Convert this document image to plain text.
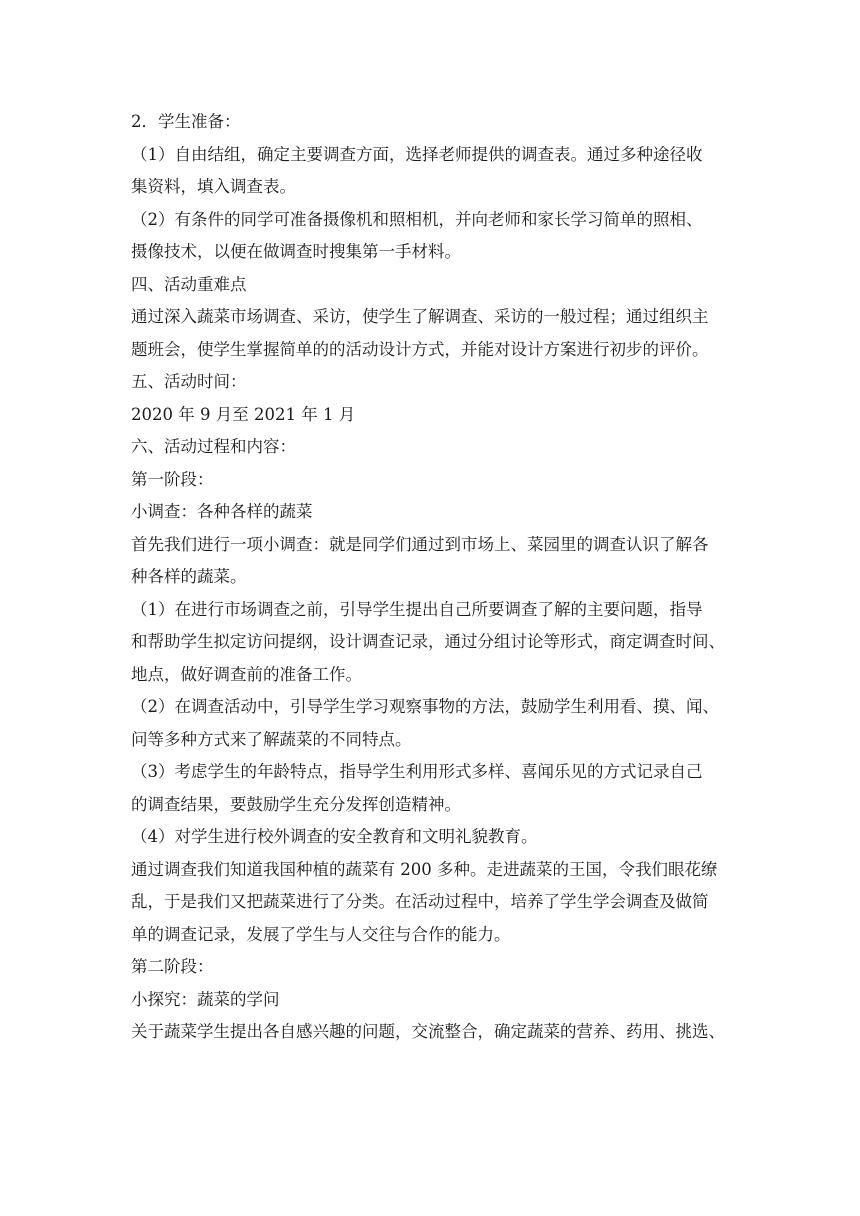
2．学生准备：

（1）自由结组，确定主要调查方面，选择老师提供的调查表。通过多种途径收

集资料，填入调查表。

（2）有条件的同学可准备摄像机和照相机，并向老师和家长学习简单的照相、

摄像技术，以便在做调查时搜集第一手材料。

四、活动重难点

通过深入蔬菜市场调查、采访，使学生了解调查、采访的一般过程；通过组织主

题班会，使学生掌握简单的的活动设计方式，并能对设计方案进行初步的评价。

五、活动时间：

2020 年 9 月至 2021 年 1 月

六、活动过程和内容：

第一阶段：

小调查：各种各样的蔬菜

首先我们进行一项小调查：就是同学们通过到市场上、菜园里的调查认识了解各

种各样的蔬菜。

（1）在进行市场调查之前，引导学生提出自己所要调查了解的主要问题，指导

和帮助学生拟定访问提纲，设计调查记录，通过分组讨论等形式，商定调查时间、

地点，做好调查前的准备工作。

（2）在调查活动中，引导学生学习观察事物的方法，鼓励学生利用看、摸、闻、

问等多种方式来了解蔬菜的不同特点。

（3）考虑学生的年龄特点，指导学生利用形式多样、喜闻乐见的方式记录自己

的调查结果，要鼓励学生充分发挥创造精神。

（4）对学生进行校外调查的安全教育和文明礼貌教育。

通过调查我们知道我国种植的蔬菜有 200 多种。走进蔬菜的王国，令我们眼花缭

乱，于是我们又把蔬菜进行了分类。在活动过程中，培养了学生学会调查及做简

单的调查记录，发展了学生与人交往与合作的能力。

第二阶段：

小探究：蔬菜的学问

关于蔬菜学生提出各自感兴趣的问题，交流整合，确定蔬菜的营养、药用、挑选、
